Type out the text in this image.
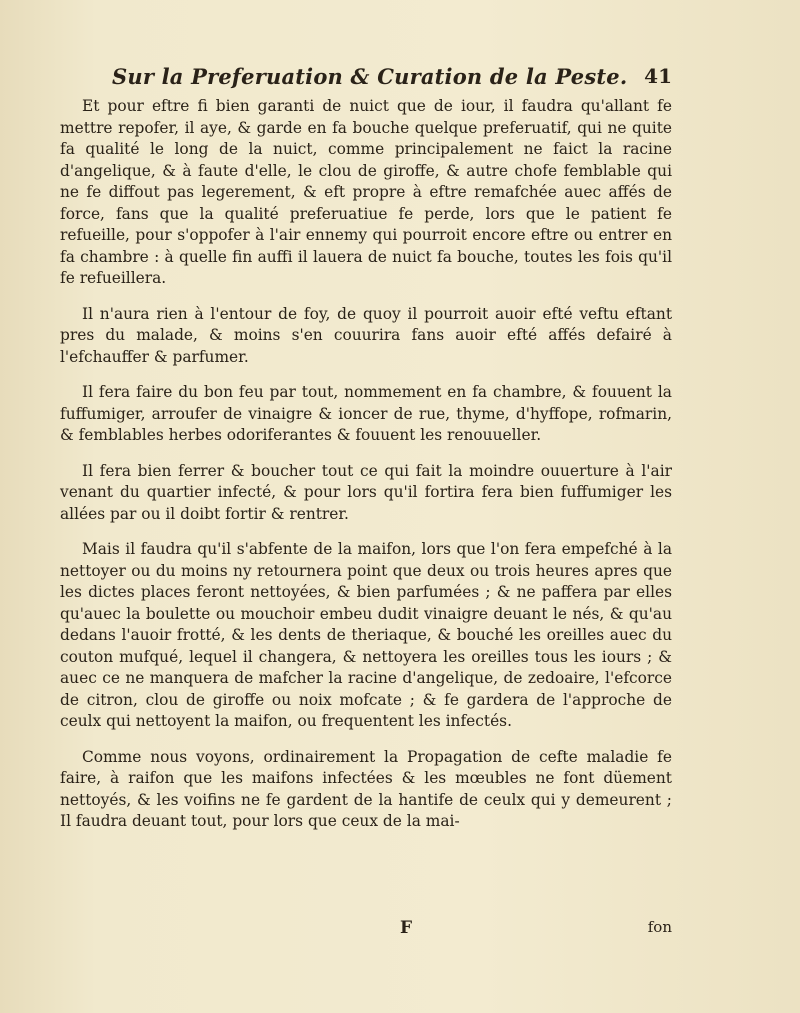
Sur la Preferuation & Curation de la Peste. 41

Et pour eftre fi bien garanti de nuict que de iour, il faudra qu'allant fe mettre repofer, il aye, & garde en fa bouche quelque preferuatif, qui ne quite fa qualité le long de la nuict, comme principalement ne faict la racine d'angelique, & à faute d'elle, le clou de giroffe, & autre chofe femblable qui ne fe diffout pas legerement, & eft propre à eftre remafchée auec affés de force, fans que la qualité preferuatiue fe perde, lors que le patient fe refueille, pour s'oppofer à l'air ennemy qui pourroit encore eftre ou entrer en fa chambre : à quelle fin auffi il lauera de nuict fa bouche, toutes les fois qu'il fe refueillera.

Il n'aura rien à l'entour de foy, de quoy il pourroit auoir efté veftu eftant pres du malade, & moins s'en couurira fans auoir efté affés defairé à l'efchauffer & parfumer.

Il fera faire du bon feu par tout, nommement en fa chambre, & fouuent la fuffumiger, arroufer de vinaigre & ioncer de rue, thyme, d'hyffope, rofmarin, & femblables herbes odoriferantes & fouuent les renouueller.

Il fera bien ferrer & boucher tout ce qui fait la moindre ouuerture à l'air venant du quartier infecté, & pour lors qu'il fortira fera bien fuffumiger les allées par ou il doibt fortir & rentrer.

Mais il faudra qu'il s'abfente de la maifon, lors que l'on fera empefché à la nettoyer ou du moins ny retournera point que deux ou trois heures apres que les dictes places feront nettoyées, & bien parfumées ; & ne paffera par elles qu'auec la boulette ou mouchoir embeu dudit vinaigre deuant le nés, & qu'au dedans l'auoir frotté, & les dents de theriaque, & bouché les oreilles auec du couton mufqué, lequel il changera, & nettoyera les oreilles tous les iours ; & auec ce ne manquera de mafcher la racine d'angelique, de zedoaire, l'efcorce de citron, clou de giroffe ou noix mofcate ; & fe gardera de l'approche de ceulx qui nettoyent la maifon, ou frequentent les infectés.

Comme nous voyons, ordinairement la Propagation de cefte maladie fe faire, à raifon que les maifons infectées & les mœubles ne font düement nettoyés, & les voifins ne fe gardent de la hantife de ceulx qui y demeurent ; Il faudra deuant tout, pour lors que ceux de la mai-

F	fon
